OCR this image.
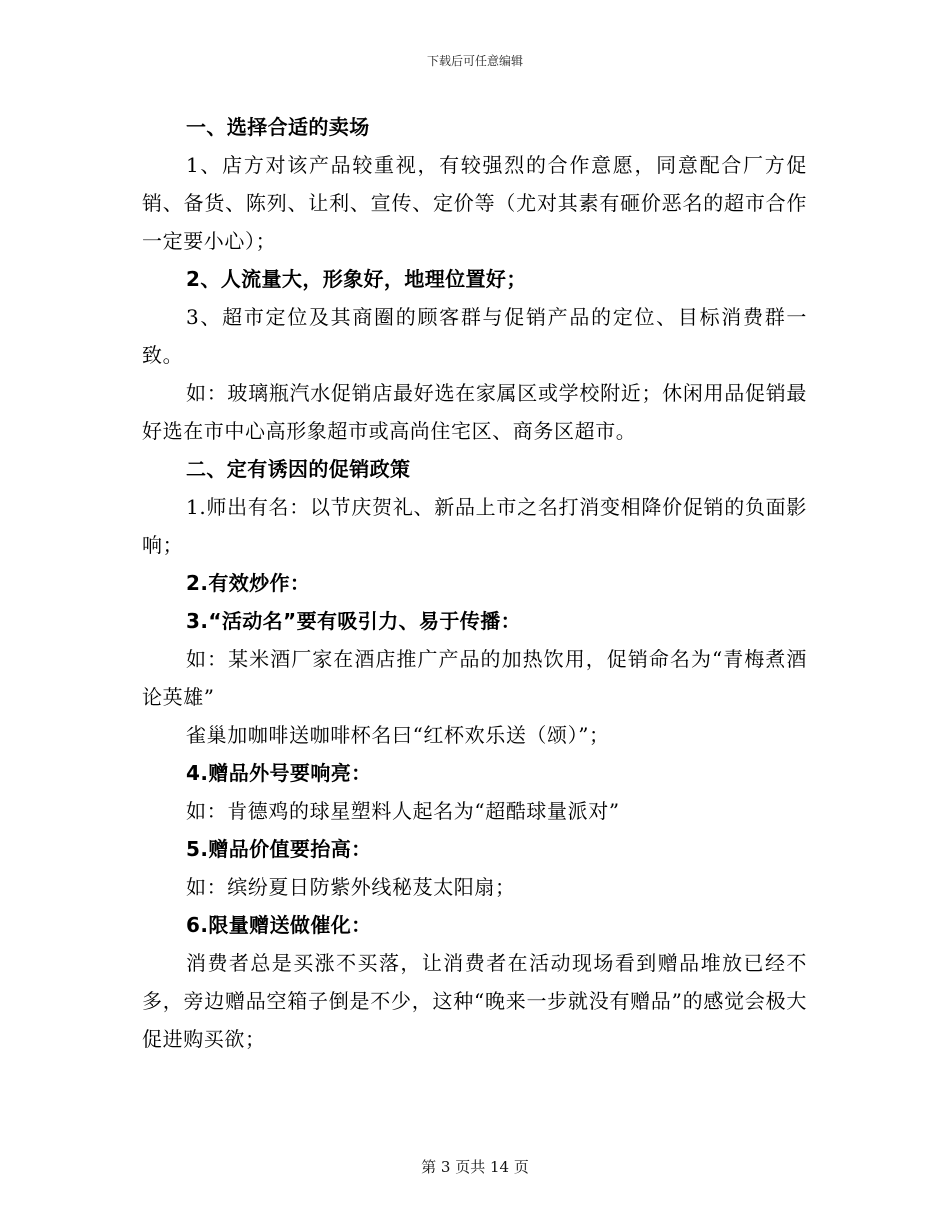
下载后可任意编辑

一、选择合适的卖场

1、店方对该产品较重视，有较强烈的合作意愿，同意配合厂方促销、备货、陈列、让利、宣传、定价等（尤对其素有砸价恶名的超市合作一定要小心）；

2、人流量大，形象好，地理位置好；

3、超市定位及其商圈的顾客群与促销产品的定位、目标消费群一致。

如：玻璃瓶汽水促销店最好选在家属区或学校附近；休闲用品促销最好选在市中心高形象超市或高尚住宅区、商务区超市。

二、定有诱因的促销政策

1.师出有名：以节庆贺礼、新品上市之名打消变相降价促销的负面影响；

2.有效炒作：

3.“活动名”要有吸引力、易于传播：

如：某米酒厂家在酒店推广产品的加热饮用，促销命名为“青梅煮酒论英雄”

雀巢加咖啡送咖啡杯名曰“红杯欢乐送（颂）”；

4.赠品外号要响亮：

如：肯德鸡的球星塑料人起名为“超酷球量派对”

5.赠品价值要抬高：

如：缤纷夏日防紫外线秘芨太阳扇；

6.限量赠送做催化：

消费者总是买涨不买落，让消费者在活动现场看到赠品堆放已经不多，旁边赠品空箱子倒是不少，这种“晚来一步就没有赠品”的感觉会极大促进购买欲；

第 3 页共 14 页
